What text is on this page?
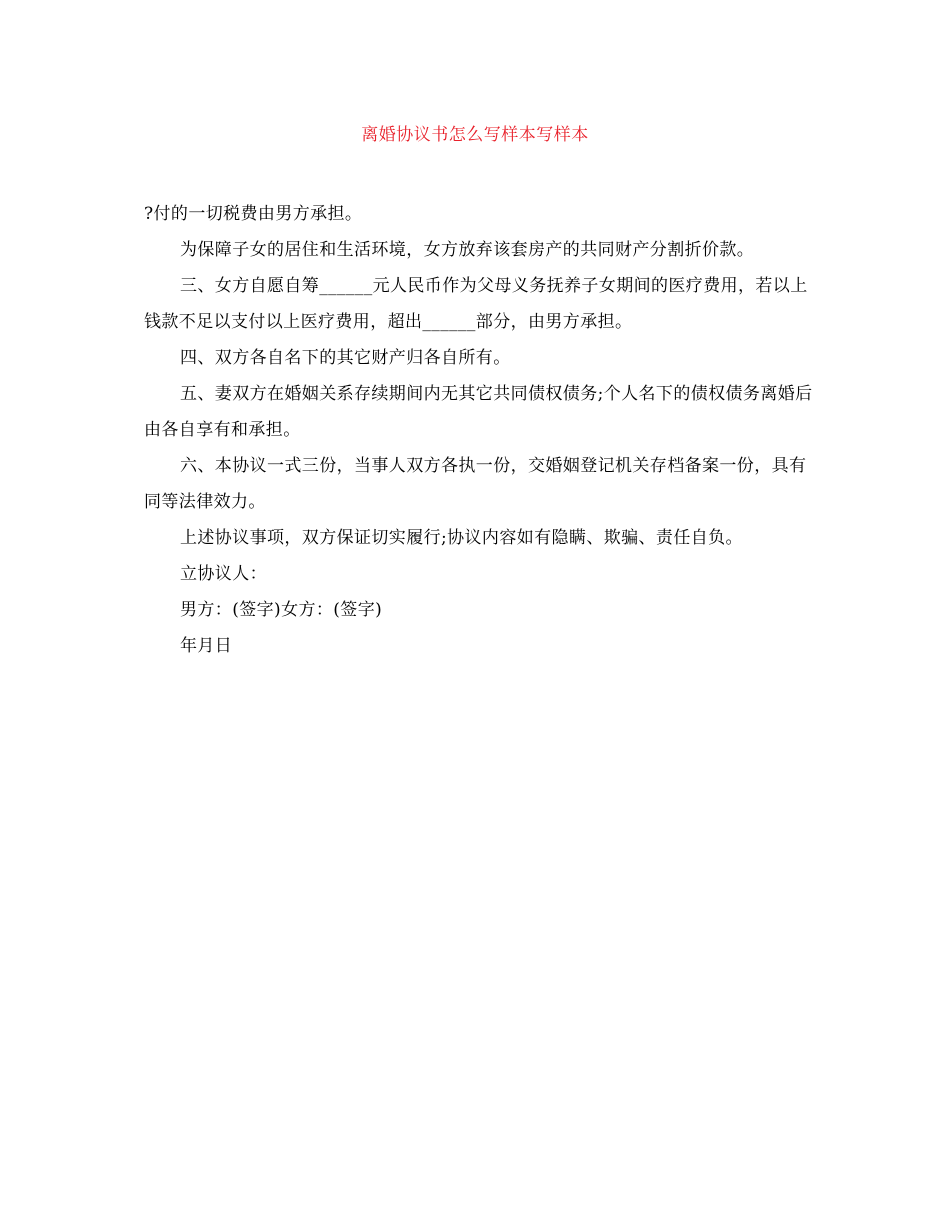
离婚协议书怎么写样本写样本

?付的一切税费由男方承担。

为保障子女的居住和生活环境，女方放弃该套房产的共同财产分割折价款。

三、女方自愿自筹______元人民币作为父母义务抚养子女期间的医疗费用，若以上钱款不足以支付以上医疗费用，超出______部分，由男方承担。

四、双方各自名下的其它财产归各自所有。

五、妻双方在婚姻关系存续期间内无其它共同债权债务;个人名下的债权债务离婚后由各自享有和承担。

六、本协议一式三份，当事人双方各执一份，交婚姻登记机关存档备案一份，具有同等法律效力。

上述协议事项，双方保证切实履行;协议内容如有隐瞒、欺骗、责任自负。

立协议人：

男方：(签字)女方：(签字)

年月日
